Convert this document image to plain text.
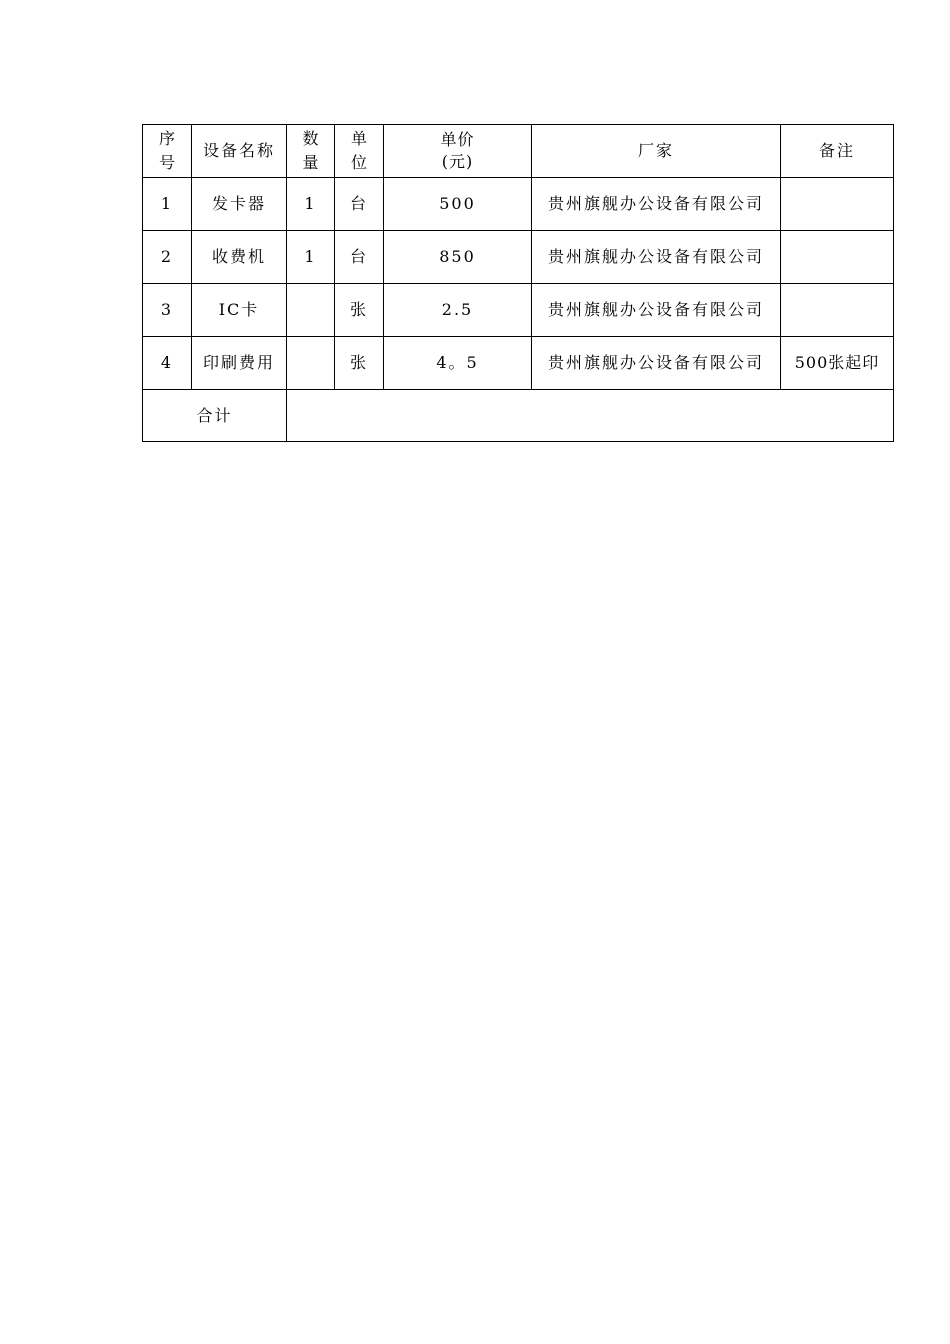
序号	设备名称	数量	单位	单价(元)	厂家	备注
1	发卡器	1	台	500	贵州旗舰办公设备有限公司	
2	收费机	1	台	850	贵州旗舰办公设备有限公司	
3	IC卡		张	2.5	贵州旗舰办公设备有限公司	
4	印刷费用		张	4。5	贵州旗舰办公设备有限公司	500张起印
合计						
